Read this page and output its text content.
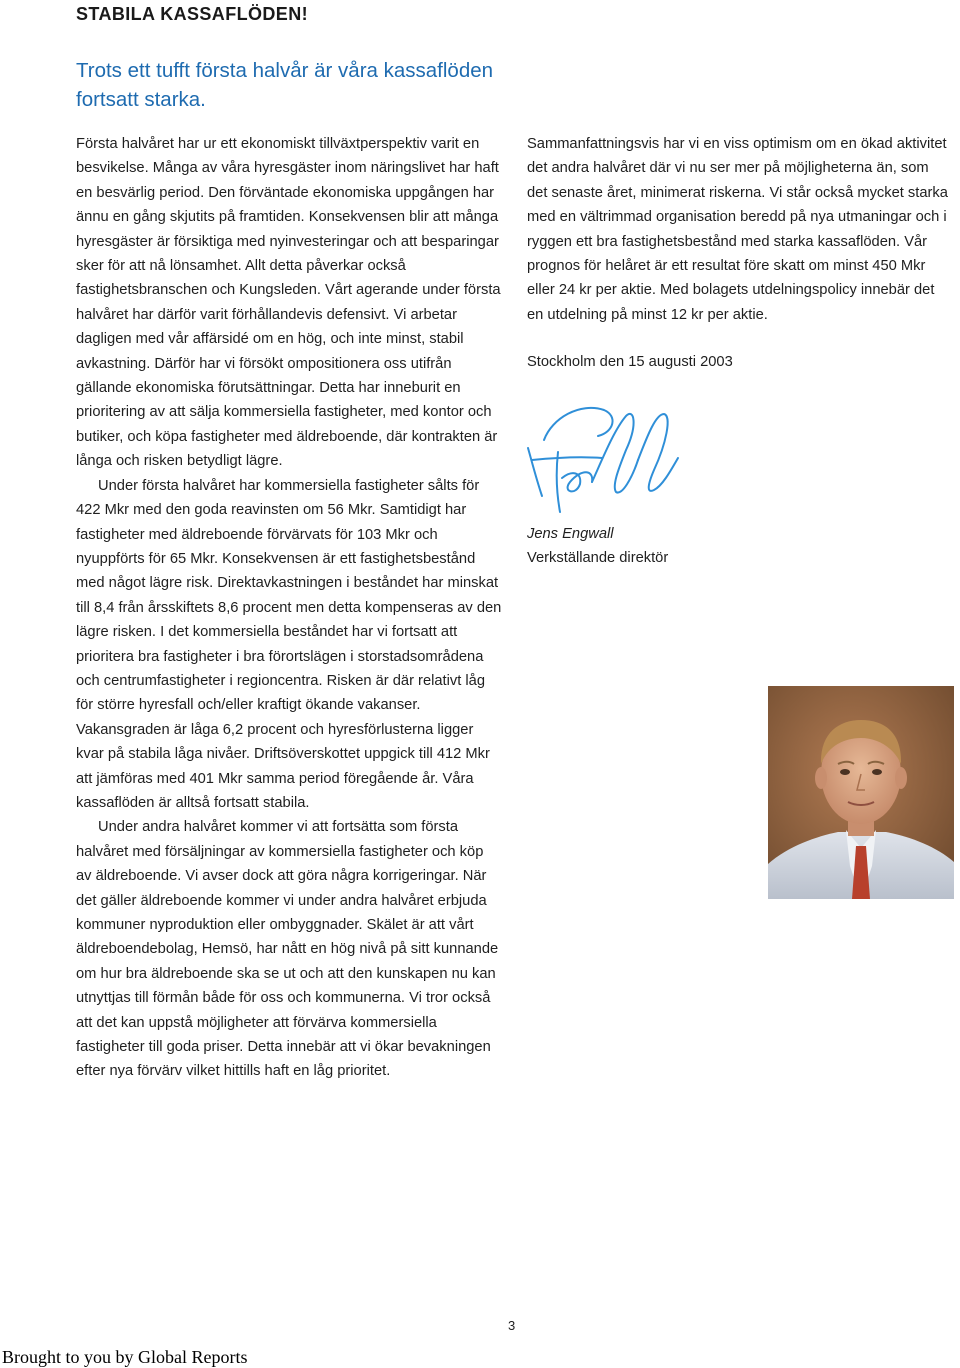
STABILA KASSAFLÖDEN!

Trots ett tufft första halvår är våra kassaflöden fortsatt starka.

Första halvåret har ur ett ekonomiskt tillväxtperspektiv varit en besvikelse. Många av våra hyresgäster inom näringslivet har haft en besvärlig period. Den förväntade ekonomiska uppgången har ännu en gång skjutits på framtiden. Konsekvensen blir att många hyresgäster är försiktiga med nyinvesteringar och att besparingar sker för att nå lönsamhet. Allt detta påverkar också fastighetsbranschen och Kungsleden. Vårt agerande under första halvåret har därför varit förhållandevis defensivt. Vi arbetar dagligen med vår affärsidé om en hög, och inte minst, stabil avkastning. Därför har vi försökt ompositionera oss utifrån gällande ekonomiska förutsättningar. Detta har inneburit en prioritering av att sälja kommersiella fastigheter, med kontor och butiker, och köpa fastigheter med äldreboende, där kontrakten är långa och risken betydligt lägre.

Under första halvåret har kommersiella fastigheter sålts för 422 Mkr med den goda reavinsten om 56 Mkr. Samtidigt har fastigheter med äldreboende förvärvats för 103 Mkr och nyuppförts för 65 Mkr. Konsekvensen är ett fastighetsbestånd med något lägre risk. Direktavkastningen i beståndet har minskat till 8,4 från årsskiftets 8,6 procent men detta kompenseras av den lägre risken. I det kommersiella beståndet har vi fortsatt att prioritera bra fastigheter i bra förortslägen i storstadsområdena och centrumfastigheter i regioncentra. Risken är där relativt låg för större hyresfall och/eller kraftigt ökande vakanser. Vakansgraden är låga 6,2 procent och hyresförlusterna ligger kvar på stabila låga nivåer. Driftsöverskottet uppgick till 412 Mkr att jämföras med 401 Mkr samma period föregående år. Våra kassaflöden är alltså fortsatt stabila.

Under andra halvåret kommer vi att fortsätta som första halvåret med försäljningar av kommersiella fastigheter och köp av äldreboende. Vi avser dock att göra några korrigeringar. När det gäller äldreboende kommer vi under andra halvåret erbjuda kommuner nyproduktion eller ombyggnader. Skälet är att vårt äldreboendebolag, Hemsö, har nått en hög nivå på sitt kunnande om hur bra äldreboende ska se ut och att den kunskapen nu kan utnyttjas till förmån både för oss och kommunerna. Vi tror också att det kan uppstå möjligheter att förvärva kommersiella fastigheter till goda priser. Detta innebär att vi ökar bevakningen efter nya förvärv vilket hittills haft en låg prioritet.

Sammanfattningsvis har vi en viss optimism om en ökad aktivitet det andra halvåret där vi nu ser mer på möjligheterna än, som det senaste året, minimerat riskerna. Vi står också mycket starka med en vältrimmad organisation beredd på nya utmaningar och i ryggen ett bra fastighetsbestånd med starka kassaflöden. Vår prognos för helåret är ett resultat före skatt om minst 450 Mkr eller 24 kr per aktie. Med bolagets utdelningspolicy innebär det en utdelning på minst 12 kr per aktie.

Stockholm den 15 augusti 2003

Jens Engwall

Verkställande direktör

3

Brought to you by Global Reports
